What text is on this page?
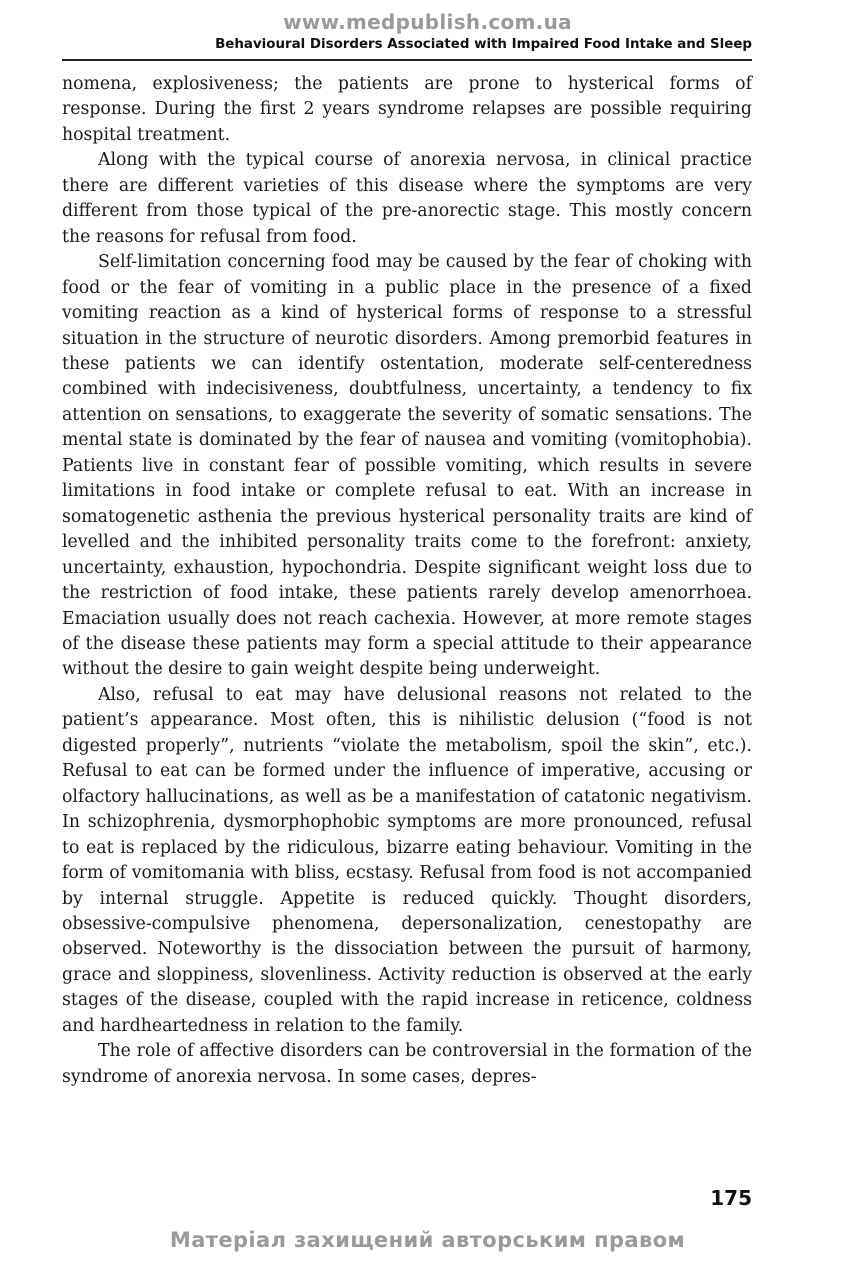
www.medpublish.com.ua
Behavioural Disorders Associated with Impaired Food Intake and Sleep

nomena, explosiveness; the patients are prone to hysterical forms of response. During the first 2 years syndrome relapses are possible requiring hospital treatment.

Along with the typical course of anorexia nervosa, in clinical practice there are different varieties of this disease where the symptoms are very different from those typical of the pre-anorectic stage. This mostly concern the reasons for refusal from food.

Self-limitation concerning food may be caused by the fear of choking with food or the fear of vomiting in a public place in the presence of a fixed vomiting reaction as a kind of hysterical forms of response to a stressful situation in the structure of neurotic disorders. Among premorbid features in these patients we can identify ostentation, moderate self-centeredness combined with indecisiveness, doubtfulness, uncertainty, a tendency to fix attention on sensations, to exaggerate the severity of somatic sensations. The mental state is dominated by the fear of nausea and vomiting (vomitophobia). Patients live in constant fear of possible vomiting, which results in severe limitations in food intake or complete refusal to eat. With an increase in somatogenetic asthenia the previous hysterical personality traits are kind of levelled and the inhibited personality traits come to the forefront: anxiety, uncertainty, exhaustion, hypochondria. Despite significant weight loss due to the restriction of food intake, these patients rarely develop amenorrhoea. Emaciation usually does not reach cachexia. However, at more remote stages of the disease these patients may form a special attitude to their appearance without the desire to gain weight despite being underweight.

Also, refusal to eat may have delusional reasons not related to the patient’s appearance. Most often, this is nihilistic delusion (“food is not digested properly”, nutrients “violate the metabolism, spoil the skin”, etc.). Refusal to eat can be formed under the influence of imperative, accusing or olfactory hallucinations, as well as be a manifestation of catatonic negativism. In schizophrenia, dysmorphophobic symptoms are more pronounced, refusal to eat is replaced by the ridiculous, bizarre eating behaviour. Vomiting in the form of vomitomania with bliss, ecstasy. Refusal from food is not accompanied by internal struggle. Appetite is reduced quickly. Thought disorders, obsessive-compulsive phenomena, depersonalization, cenestopathy are observed. Noteworthy is the dissociation between the pursuit of harmony, grace and sloppiness, slovenliness. Activity reduction is observed at the early stages of the disease, coupled with the rapid increase in reticence, coldness and hardheartedness in relation to the family.

The role of affective disorders can be controversial in the formation of the syndrome of anorexia nervosa. In some cases, depres-

175
Матеріал захищений авторським правом
